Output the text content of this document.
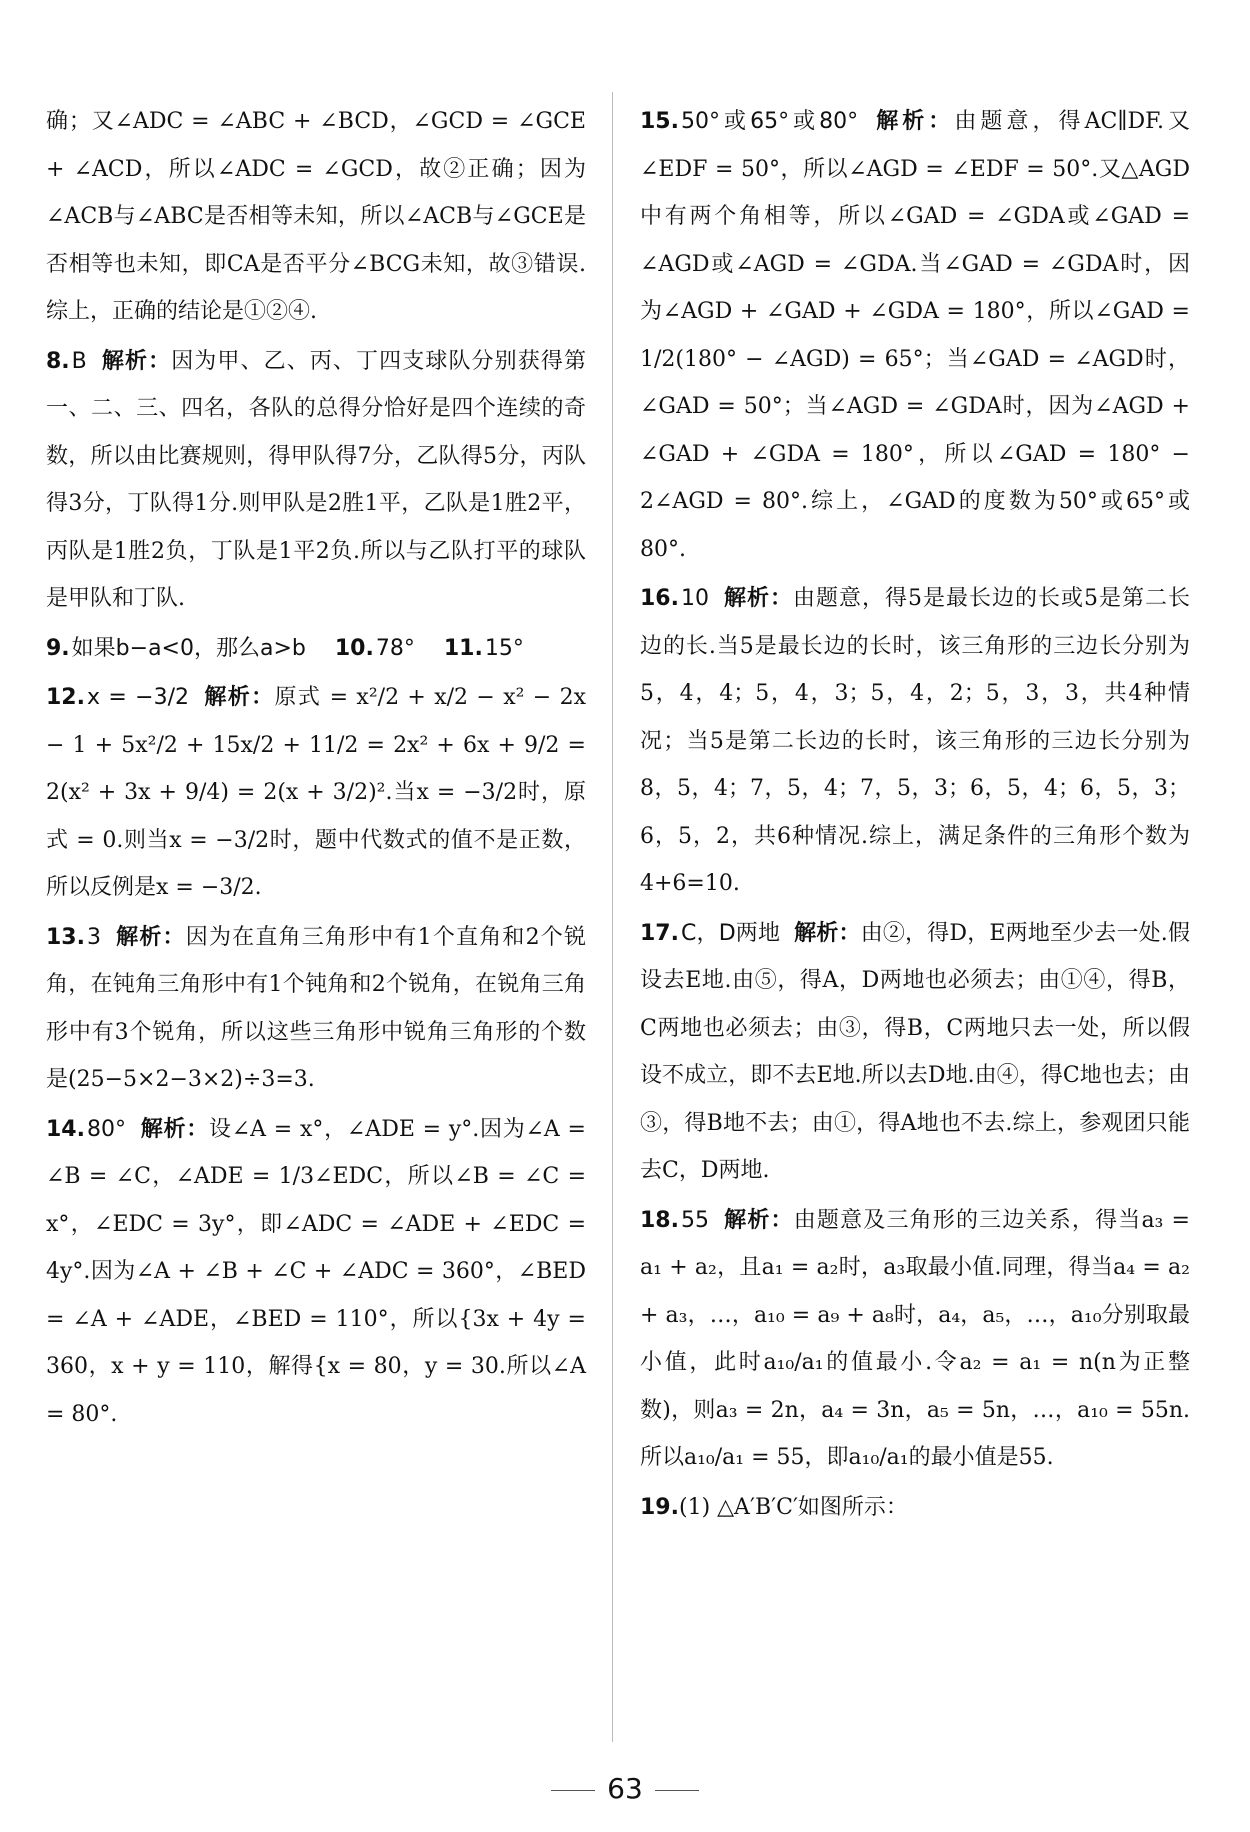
确；又∠ADC = ∠ABC + ∠BCD，∠GCD = ∠GCE + ∠ACD，所以∠ADC = ∠GCD，故②正确；因为∠ACB与∠ABC是否相等未知，所以∠ACB与∠GCE是否相等也未知，即CA是否平分∠BCG未知，故③错误.综上，正确的结论是①②④.

8.B 解析：因为甲、乙、丙、丁四支球队分别获得第一、二、三、四名，各队的总得分恰好是四个连续的奇数，所以由比赛规则，得甲队得7分，乙队得5分，丙队得3分，丁队得1分.则甲队是2胜1平，乙队是1胜2平，丙队是1胜2负，丁队是1平2负.所以与乙队打平的球队是甲队和丁队.

9.如果b−a<0，那么a>b 10.78° 11.15°

12.x = −3/2 解析：原式 = x²/2 + x/2 − x² − 2x − 1 + 5x²/2 + 15x/2 + 11/2 = 2x² + 6x + 9/2 = 2(x² + 3x + 9/4) = 2(x + 3/2)².当x = −3/2时，原式 = 0.则当x = −3/2时，题中代数式的值不是正数，所以反例是x = −3/2.

13.3 解析：因为在直角三角形中有1个直角和2个锐角，在钝角三角形中有1个钝角和2个锐角，在锐角三角形中有3个锐角，所以这些三角形中锐角三角形的个数是(25−5×2−3×2)÷3=3.

14.80° 解析：设∠A = x°，∠ADE = y°.因为∠A = ∠B = ∠C，∠ADE = 1/3∠EDC，所以∠B = ∠C = x°，∠EDC = 3y°，即∠ADC = ∠ADE + ∠EDC = 4y°.因为∠A + ∠B + ∠C + ∠ADC = 360°，∠BED = ∠A + ∠ADE，∠BED = 110°，所以{3x + 4y = 360，x + y = 110，解得{x = 80，y = 30.所以∠A = 80°.

15.50°或65°或80° 解析：由题意，得AC∥DF.又∠EDF = 50°，所以∠AGD = ∠EDF = 50°.又△AGD中有两个角相等，所以∠GAD = ∠GDA或∠GAD = ∠AGD或∠AGD = ∠GDA.当∠GAD = ∠GDA时，因为∠AGD + ∠GAD + ∠GDA = 180°，所以∠GAD = 1/2(180° − ∠AGD) = 65°；当∠GAD = ∠AGD时，∠GAD = 50°；当∠AGD = ∠GDA时，因为∠AGD + ∠GAD + ∠GDA = 180°，所以∠GAD = 180° − 2∠AGD = 80°.综上，∠GAD的度数为50°或65°或80°.

16.10 解析：由题意，得5是最长边的长或5是第二长边的长.当5是最长边的长时，该三角形的三边长分别为5，4，4；5，4，3；5，4，2；5，3，3，共4种情况；当5是第二长边的长时，该三角形的三边长分别为8，5，4；7，5，4；7，5，3；6，5，4；6，5，3；6，5，2，共6种情况.综上，满足条件的三角形个数为4+6=10.

17.C，D两地 解析：由②，得D，E两地至少去一处.假设去E地.由⑤，得A，D两地也必须去；由①④，得B，C两地也必须去；由③，得B，C两地只去一处，所以假设不成立，即不去E地.所以去D地.由④，得C地也去；由③，得B地不去；由①，得A地也不去.综上，参观团只能去C，D两地.

18.55 解析：由题意及三角形的三边关系，得当a₃ = a₁ + a₂，且a₁ = a₂时，a₃取最小值.同理，得当a₄ = a₂ + a₃，…，a₁₀ = a₉ + a₈时，a₄，a₅，…，a₁₀分别取最小值，此时a₁₀/a₁的值最小.令a₂ = a₁ = n(n为正整数)，则a₃ = 2n，a₄ = 3n，a₅ = 5n，…，a₁₀ = 55n.所以a₁₀/a₁ = 55，即a₁₀/a₁的最小值是55.

19.(1) △A′B′C′如图所示：

63
